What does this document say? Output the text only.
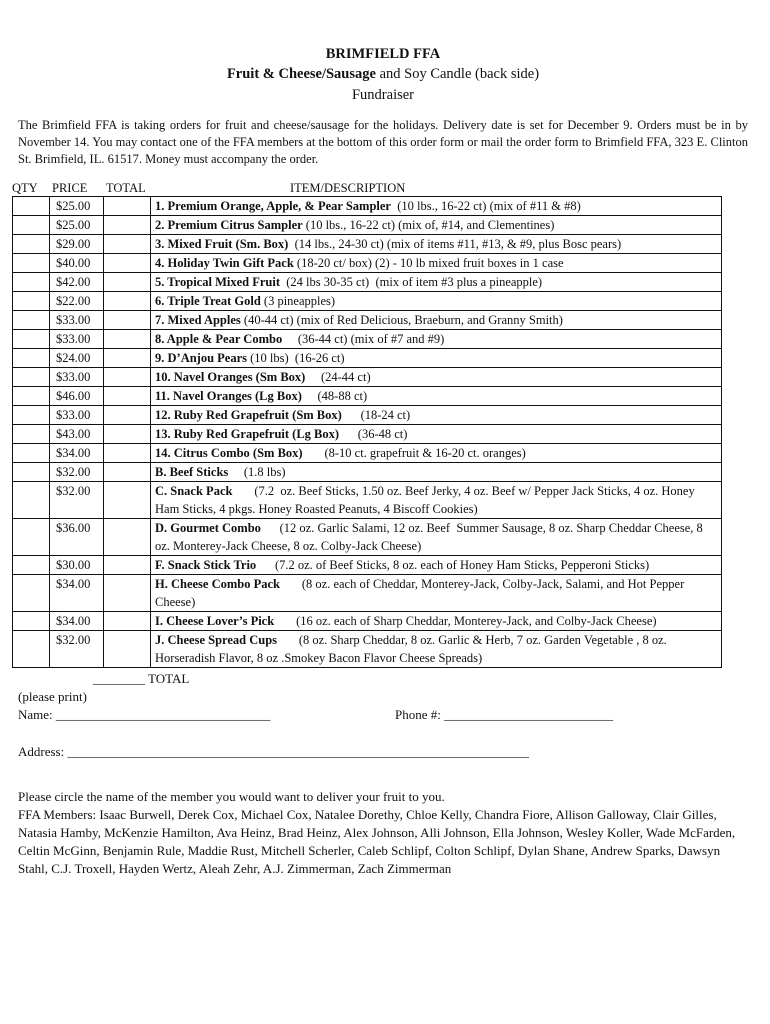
BRIMFIELD FFA
Fruit & Cheese/Sausage and Soy Candle (back side)
Fundraiser
The Brimfield FFA is taking orders for fruit and cheese/sausage for the holidays. Delivery date is set for December 9. Orders must be in by November 14. You may contact one of the FFA members at the bottom of this order form or mail the order form to Brimfield FFA, 323 E. Clinton St. Brimfield, IL. 61517. Money must accompany the order.
QTY PRICE TOTAL	ITEM/DESCRIPTION
	$25.00		1. Premium Orange, Apple, & Pear Sampler  (10 lbs., 16-22 ct) (mix of #11 & #8)
	$25.00		2. Premium Citrus Sampler (10 lbs., 16-22 ct) (mix of, #14, and Clementines)
	$29.00		3. Mixed Fruit (Sm. Box)  (14 lbs., 24-30 ct) (mix of items #11, #13, & #9, plus Bosc pears)
	$40.00		4. Holiday Twin Gift Pack (18-20 ct/ box) (2) - 10 lb mixed fruit boxes in 1 case
	$42.00		5. Tropical Mixed Fruit  (24 lbs 30-35 ct)  (mix of item #3 plus a pineapple)
	$22.00		6. Triple Treat Gold (3 pineapples)
	$33.00		7. Mixed Apples (40-44 ct) (mix of Red Delicious, Braeburn, and Granny Smith)
	$33.00		8. Apple & Pear Combo     (36-44 ct) (mix of #7 and #9)
	$24.00		9. D’Anjou Pears (10 lbs)  (16-26 ct)
	$33.00		10. Navel Oranges (Sm Box)     (24-44 ct)
	$46.00		11. Navel Oranges (Lg Box)     (48-88 ct)
	$33.00		12. Ruby Red Grapefruit (Sm Box)      (18-24 ct)
	$43.00		13. Ruby Red Grapefruit (Lg Box)      (36-48 ct)
	$34.00		14. Citrus Combo (Sm Box)       (8-10 ct. grapefruit & 16-20 ct. oranges)
	$32.00		B. Beef Sticks     (1.8 lbs)
	$32.00		C. Snack Pack       (7.2  oz. Beef Sticks, 1.50 oz. Beef Jerky, 4 oz. Beef w/ Pepper Jack Sticks, 4 oz. Honey Ham Sticks, 4 pkgs. Honey Roasted Peanuts, 4 Biscoff Cookies)
	$36.00		D. Gourmet Combo      (12 oz. Garlic Salami, 12 oz. Beef  Summer Sausage, 8 oz. Sharp Cheddar Cheese, 8 oz. Monterey-Jack Cheese, 8 oz. Colby-Jack Cheese)
	$30.00		F. Snack Stick Trio      (7.2 oz. of Beef Sticks, 8 oz. each of Honey Ham Sticks, Pepperoni Sticks)
	$34.00		H. Cheese Combo Pack       (8 oz. each of Cheddar, Monterey-Jack, Colby-Jack, Salami, and Hot Pepper Cheese)
	$34.00		I. Cheese Lover’s Pick       (16 oz. each of Sharp Cheddar, Monterey-Jack, and Colby-Jack Cheese)
	$32.00		J. Cheese Spread Cups       (8 oz. Sharp Cheddar, 8 oz. Garlic & Herb, 7 oz. Garden Vegetable , 8 oz. Horseradish Flavor, 8 oz .Smokey Bacon Flavor Cheese Spreads)
________ TOTAL
(please print)
Name: _________________________________	Phone #: __________________________
Address: _______________________________________________________________________
Please circle the name of the member you would want to deliver your fruit to you.
FFA Members: Isaac Burwell, Derek Cox, Michael Cox, Natalee Dorethy, Chloe Kelly, Chandra Fiore, Allison Galloway, Clair Gilles, Natasia Hamby, McKenzie Hamilton, Ava Heinz, Brad Heinz, Alex Johnson, Alli Johnson, Ella Johnson, Wesley Koller, Wade McFarden, Celtin McGinn, Benjamin Rule, Maddie Rust, Mitchell Scherler, Caleb Schlipf, Colton Schlipf, Dylan Shane, Andrew Sparks, Dawsyn Stahl, C.J. Troxell, Hayden Wertz, Aleah Zehr, A.J. Zimmerman, Zach Zimmerman
